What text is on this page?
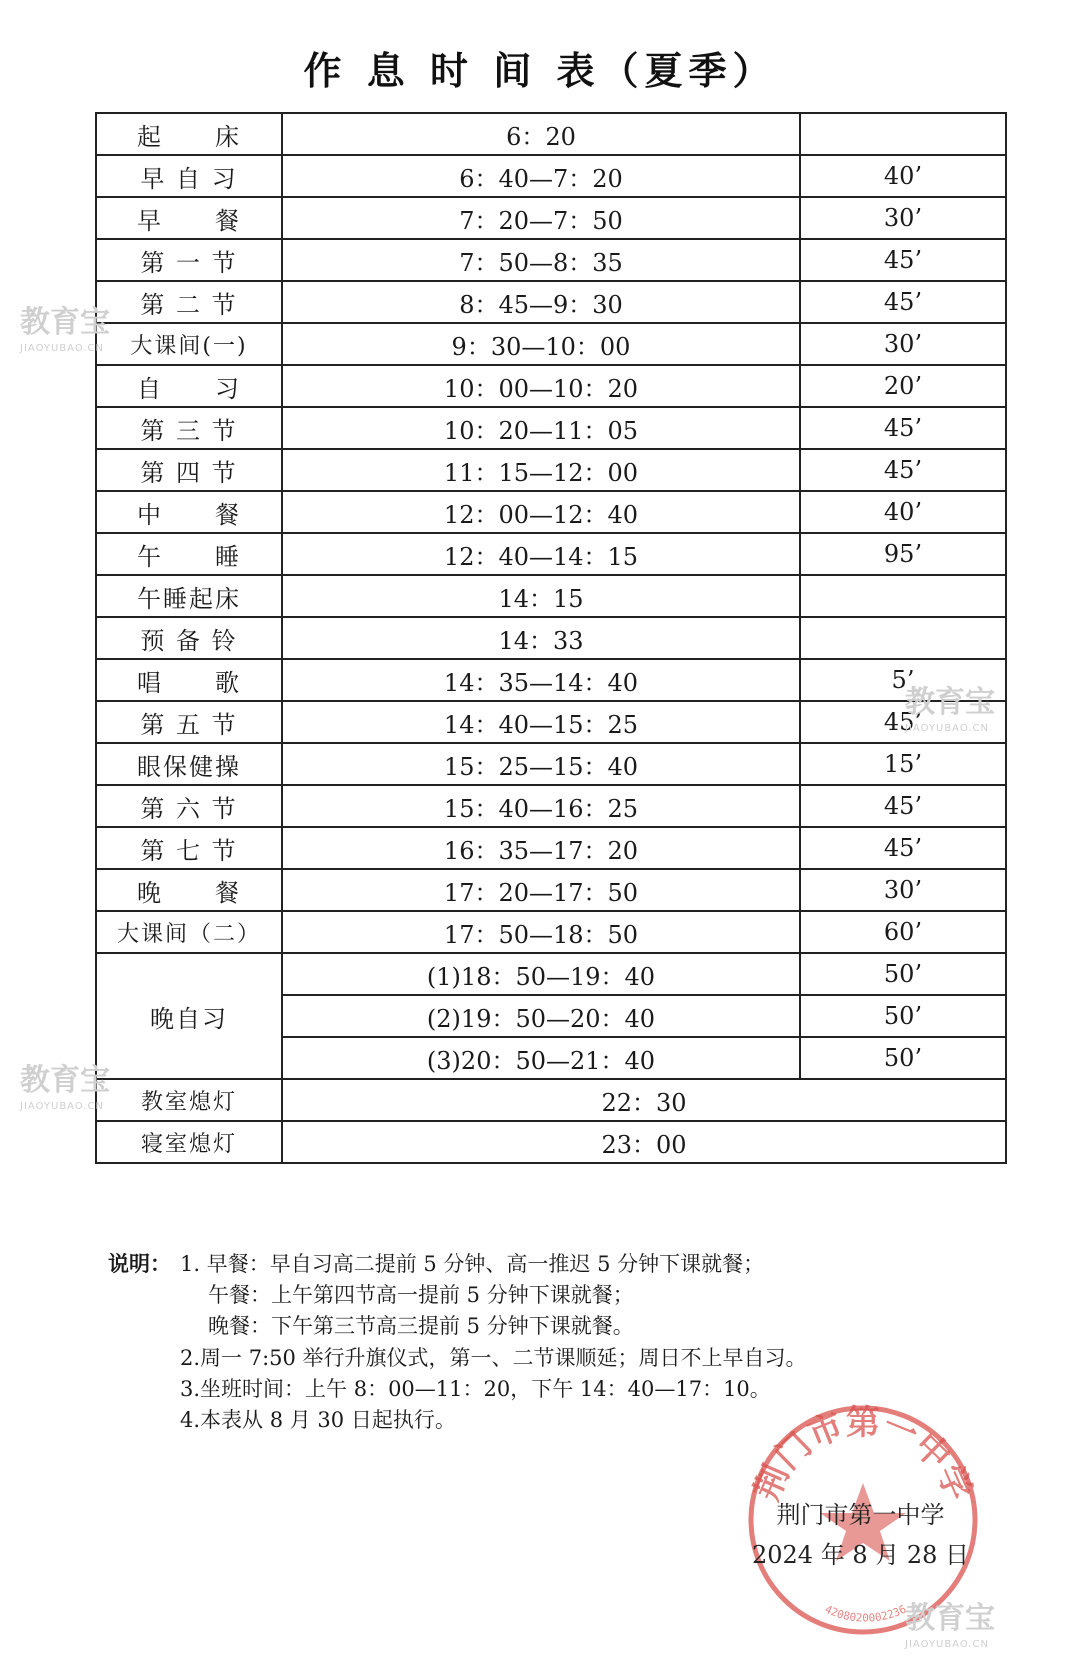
作 息 时 间 表（夏季）
起　　床	6：20	
早 自 习	6：40—7：20	40’
早　　餐	7：20—7：50	30’
第 一 节	7：50—8：35	45’
第 二 节	8：45—9：30	45’
大课间(一)	9：30—10：00	30’
自　　习	10：00—10：20	20’
第 三 节	10：20—11：05	45’
第 四 节	11：15—12：00	45’
中　　餐	12：00—12：40	40’
午　　睡	12：40—14：15	95’
午睡起床	14：15	
预 备 铃	14：33	
唱　　歌	14：35—14：40	5’
第 五 节	14：40—15：25	45’
眼保健操	15：25—15：40	15’
第 六 节	15：40—16：25	45’
第 七 节	16：35—17：20	45’
晚　　餐	17：20—17：50	30’
大课间（二）	17：50—18：50	60’
晚自习	(1)18：50—19：40	50’
	(2)19：50—20：40	50’
	(3)20：50—21：40	50’
教室熄灯	22：30	
寝室熄灯	23：00	
说明： 1. 早餐：早自习高二提前 5 分钟、高一推迟 5 分钟下课就餐；
午餐：上午第四节高一提前 5 分钟下课就餐；
晚餐：下午第三节高三提前 5 分钟下课就餐。
2.周一 7:50 举行升旗仪式，第一、二节课顺延；周日不上早自习。
3.坐班时间：上午 8：00—11：20，下午 14：40—17：10。
4.本表从 8 月 30 日起执行。
荆门市第一中学
4208020002236
荆门市第一中学
2024 年 8 月 28 日
教育宝
JIAOYUBAO.CN
教育宝
JIAOYUBAO.CN
教育宝
JIAOYUBAO.CN
教育宝
JIAOYUBAO.CN
